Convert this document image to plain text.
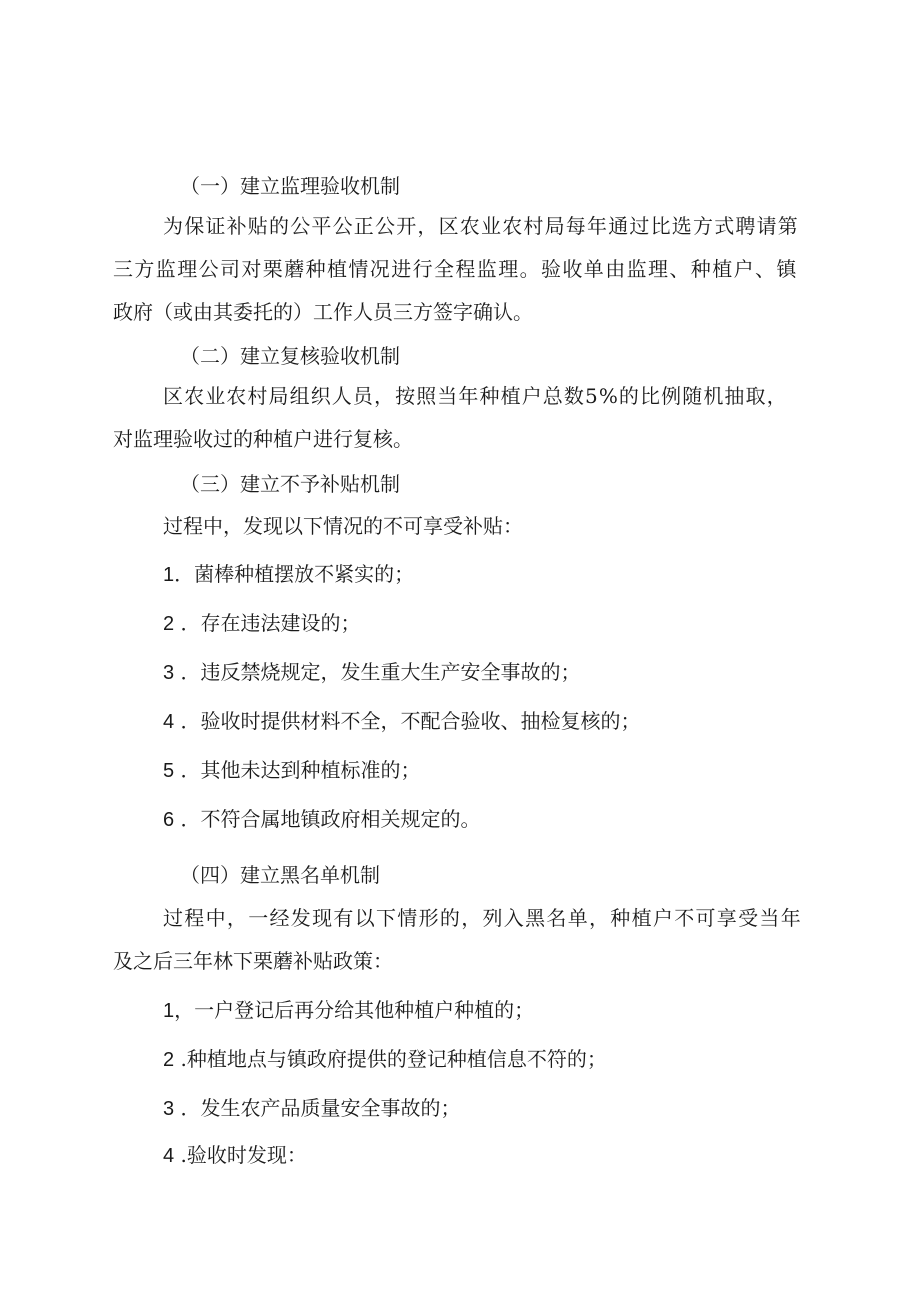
（一）建立监理验收机制
为保证补贴的公平公正公开，区农业农村局每年通过比选方式聘请第
三方监理公司对栗蘑种植情况进行全程监理。验收单由监理、种植户、镇
政府（或由其委托的）工作人员三方签字确认。
（二）建立复核验收机制
区农业农村局组织人员，按照当年种植户总数5%的比例随机抽取，
对监理验收过的种植户进行复核。
（三）建立不予补贴机制
过程中，发现以下情况的不可享受补贴：
1．菌棒种植摆放不紧实的；
2 ．存在违法建设的；
3 ．违反禁烧规定，发生重大生产安全事故的；
4 ．验收时提供材料不全，不配合验收、抽检复核的；
5 ．其他未达到种植标准的；
6 ．不符合属地镇政府相关规定的。
（四）建立黑名单机制
过程中，一经发现有以下情形的，列入黑名单，种植户不可享受当年
及之后三年林下栗蘑补贴政策：
1，一户登记后再分给其他种植户种植的；
2 .种植地点与镇政府提供的登记种植信息不符的；
3 ．发生农产品质量安全事故的；
4 .验收时发现：
